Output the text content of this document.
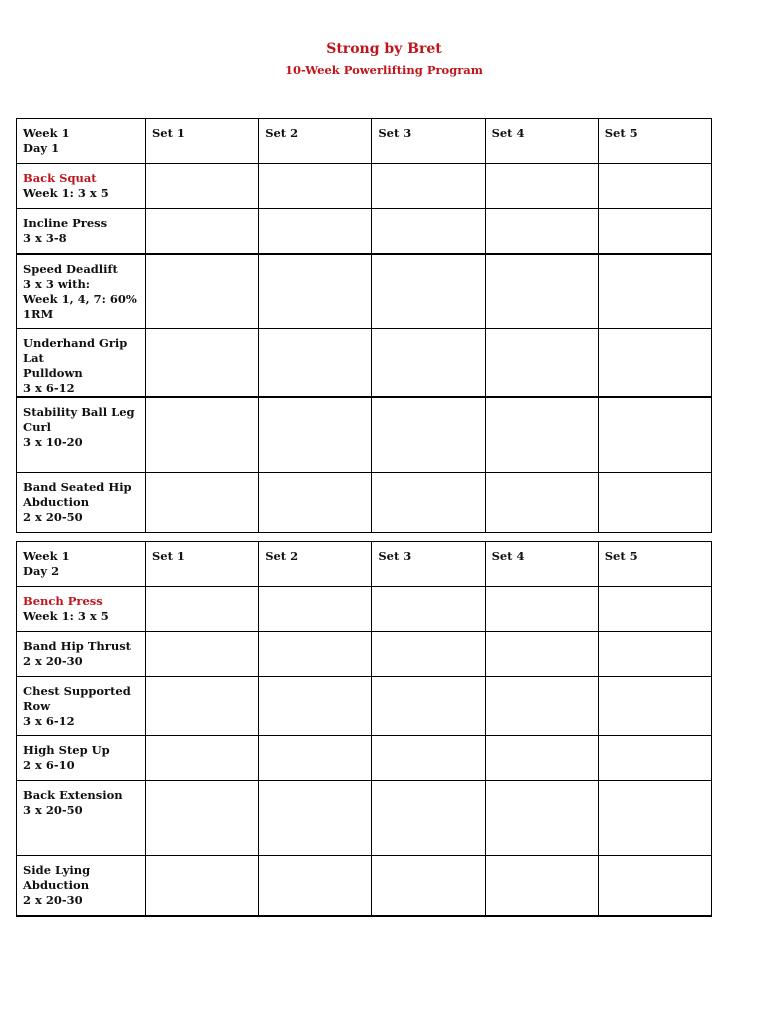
Strong by Bret
10-Week Powerlifting Program
Week 1
Day 1	Set 1	Set 2	Set 3	Set 4	Set 5

Back Squat
Week 1: 3 x 5					

Incline Press
3 x 3-8					

Speed Deadlift
3 x 3 with:
Week 1, 4, 7: 60%
1RM					

Underhand Grip Lat
Pulldown
3 x 6-12					

Stability Ball Leg
Curl
3 x 10-20					

Band Seated Hip
Abduction
2 x 20-50					

Week 1
Day 2	Set 1	Set 2	Set 3	Set 4	Set 5

Bench Press
Week 1: 3 x 5					

Band Hip Thrust
2 x 20-30					

Chest Supported
Row
3 x 6-12					

High Step Up
2 x 6-10					

Back Extension
3 x 20-50					

Side Lying
Abduction
2 x 20-30					
